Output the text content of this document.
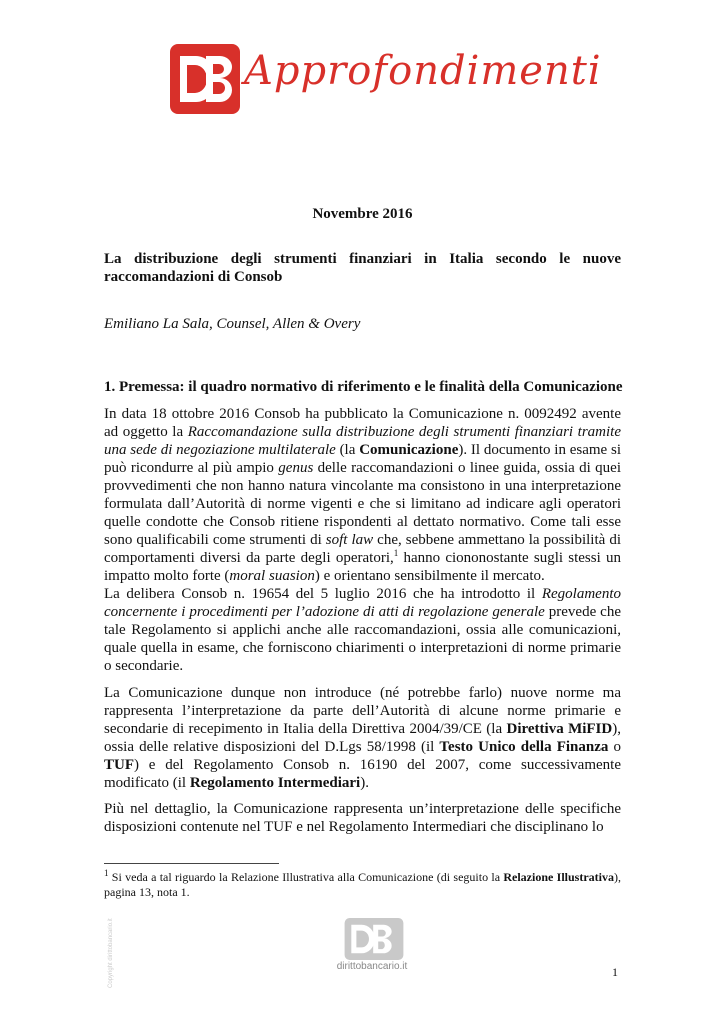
Approfondimenti
Novembre 2016
La distribuzione degli strumenti finanziari in Italia secondo le nuove raccomandazioni di Consob
Emiliano La Sala, Counsel, Allen & Overy
1. Premessa: il quadro normativo di riferimento e le finalità della Comunicazione

In data 18 ottobre 2016 Consob ha pubblicato la Comunicazione n. 0092492 avente ad oggetto la Raccomandazione sulla distribuzione degli strumenti finanziari tramite una sede di negoziazione multilaterale (la Comunicazione). Il documento in esame si può ricondurre al più ampio genus delle raccomandazioni o linee guida, ossia di quei provvedimenti che non hanno natura vincolante ma consistono in una interpretazione formulata dall’Autorità di norme vigenti e che si limitano ad indicare agli operatori quelle condotte che Consob ritiene rispondenti al dettato normativo. Come tali esse sono qualificabili come strumenti di soft law che, sebbene ammettano la possibilità di comportamenti diversi da parte degli operatori,$^1$ hanno ciononostante sugli stessi un impatto molto forte (moral suasion) e orientano sensibilmente il mercato.

La delibera Consob n. 19654 del 5 luglio 2016 che ha introdotto il Regolamento concernente i procedimenti per l’adozione di atti di regolazione generale prevede che tale Regolamento si applichi anche alle raccomandazioni, ossia alle comunicazioni, quale quella in esame, che forniscono chiarimenti o interpretazioni di norme primarie o secondarie.

La Comunicazione dunque non introduce (né potrebbe farlo) nuove norme ma rappresenta l’interpretazione da parte dell’Autorità di alcune norme primarie e secondarie di recepimento in Italia della Direttiva 2004/39/CE (la Direttiva MiFID), ossia delle relative disposizioni del D.Lgs 58/1998 (il Testo Unico della Finanza o TUF) e del Regolamento Consob n. 16190 del 2007, come successivamente modificato (il Regolamento Intermediari).

Più nel dettaglio, la Comunicazione rappresenta un’interpretazione delle specifiche disposizioni contenute nel TUF e nel Regolamento Intermediari che disciplinano lo

$^1$ Si veda a tal riguardo la Relazione Illustrativa alla Comunicazione (di seguito la Relazione Illustrativa), pagina 13, nota 1.
Copyright dirittobancario.it	dirittobancario.it	1
